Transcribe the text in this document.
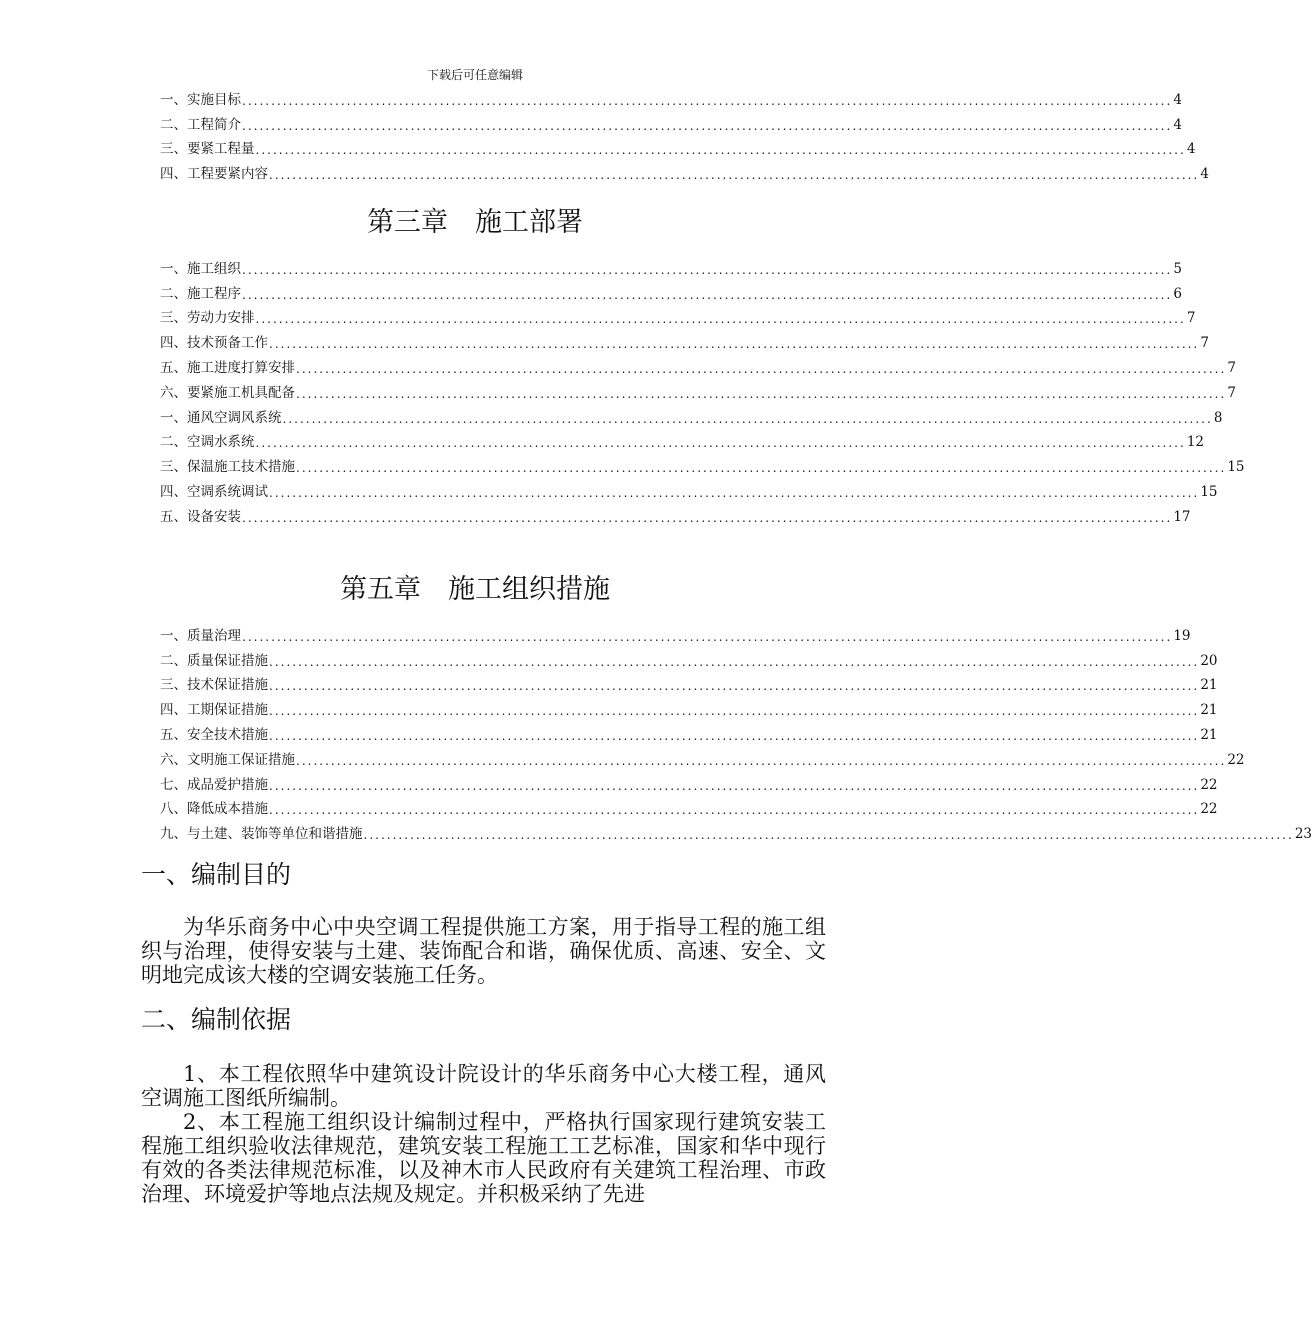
下载后可任意编辑
一、实施目标 ................................................................................................................................................................ 4
二、工程简介 ................................................................................................................................................................ 4
三、要紧工程量 ................................................................................................................................................................ 4
四、工程要紧内容 ................................................................................................................................................................ 4
第三章　施工部署
一、施工组织 ................................................................................................................................................................ 5
二、施工程序 ................................................................................................................................................................ 6
三、劳动力安排 ................................................................................................................................................................ 7
四、技术预备工作 ................................................................................................................................................................ 7
五、施工进度打算安排 ................................................................................................................................................................ 7
六、要紧施工机具配备 ................................................................................................................................................................ 7
一、通风空调风系统 ................................................................................................................................................................ 8
二、空调水系统 ................................................................................................................................................................ 12
三、保温施工技术措施 ................................................................................................................................................................ 15
四、空调系统调试 ................................................................................................................................................................ 15
五、设备安装 ................................................................................................................................................................ 17
第五章　施工组织措施
一、质量治理 ................................................................................................................................................................ 19
二、质量保证措施 ................................................................................................................................................................ 20
三、技术保证措施 ................................................................................................................................................................ 21
四、工期保证措施 ................................................................................................................................................................ 21
五、安全技术措施 ................................................................................................................................................................ 21
六、文明施工保证措施 ................................................................................................................................................................ 22
七、成品爱护措施 ................................................................................................................................................................ 22
八、降低成本措施 ................................................................................................................................................................ 22
九、与土建、装饰等单位和谐措施 ................................................................................................................................................................ 23
一、编制目的
为华乐商务中心中央空调工程提供施工方案，用于指导工程的施工组织与治理，使得安装与土建、装饰配合和谐，确保优质、高速、安全、文明地完成该大楼的空调安装施工任务。
二、编制依据
1、本工程依照华中建筑设计院设计的华乐商务中心大楼工程，通风空调施工图纸所编制。
2、本工程施工组织设计编制过程中，严格执行国家现行建筑安装工程施工组织验收法律规范，建筑安装工程施工工艺标准，国家和华中现行有效的各类法律规范标准，以及神木市人民政府有关建筑工程治理、市政治理、环境爱护等地点法规及规定。并积极采纳了先进
